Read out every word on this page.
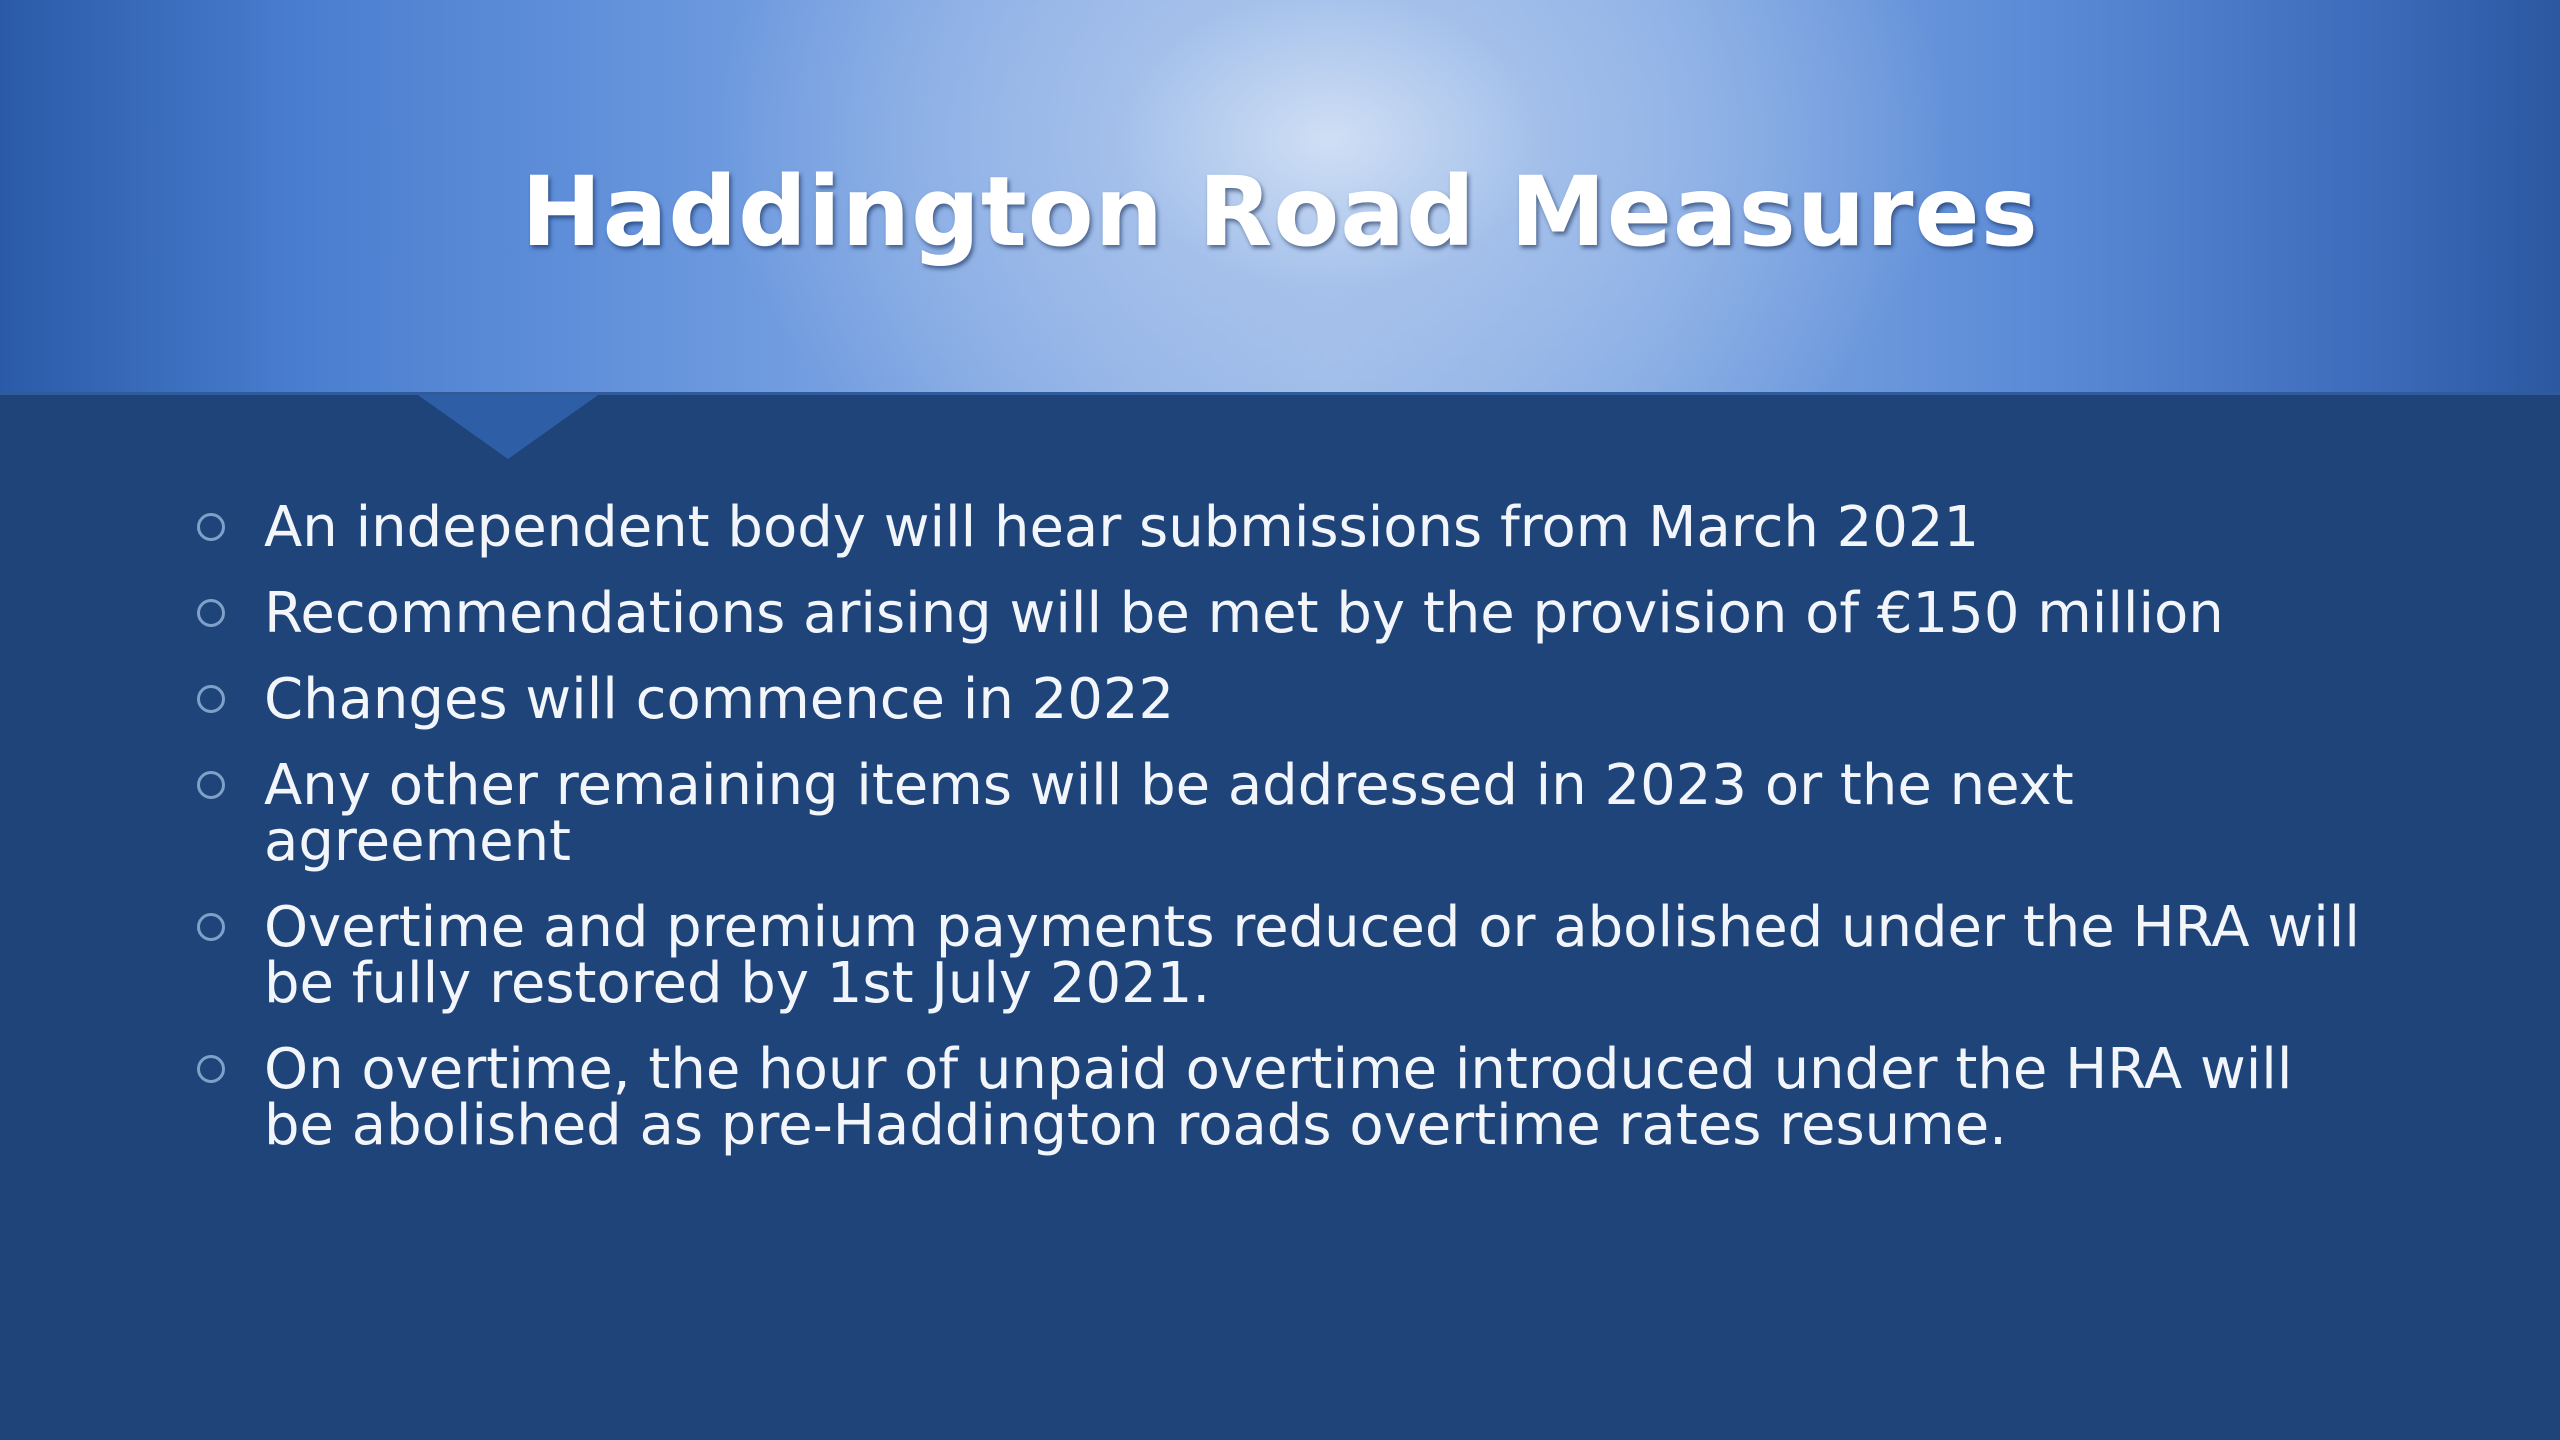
Haddington Road Measures
An independent body will hear submissions from March 2021
Recommendations arising will be met by the provision of €150 million
Changes will commence in 2022
Any other remaining items will be addressed in 2023 or the next agreement
Overtime and premium payments reduced or abolished under the HRA will be fully restored by 1st July 2021.
On overtime, the hour of unpaid overtime introduced under the HRA will be abolished as pre-Haddington roads overtime rates resume.
